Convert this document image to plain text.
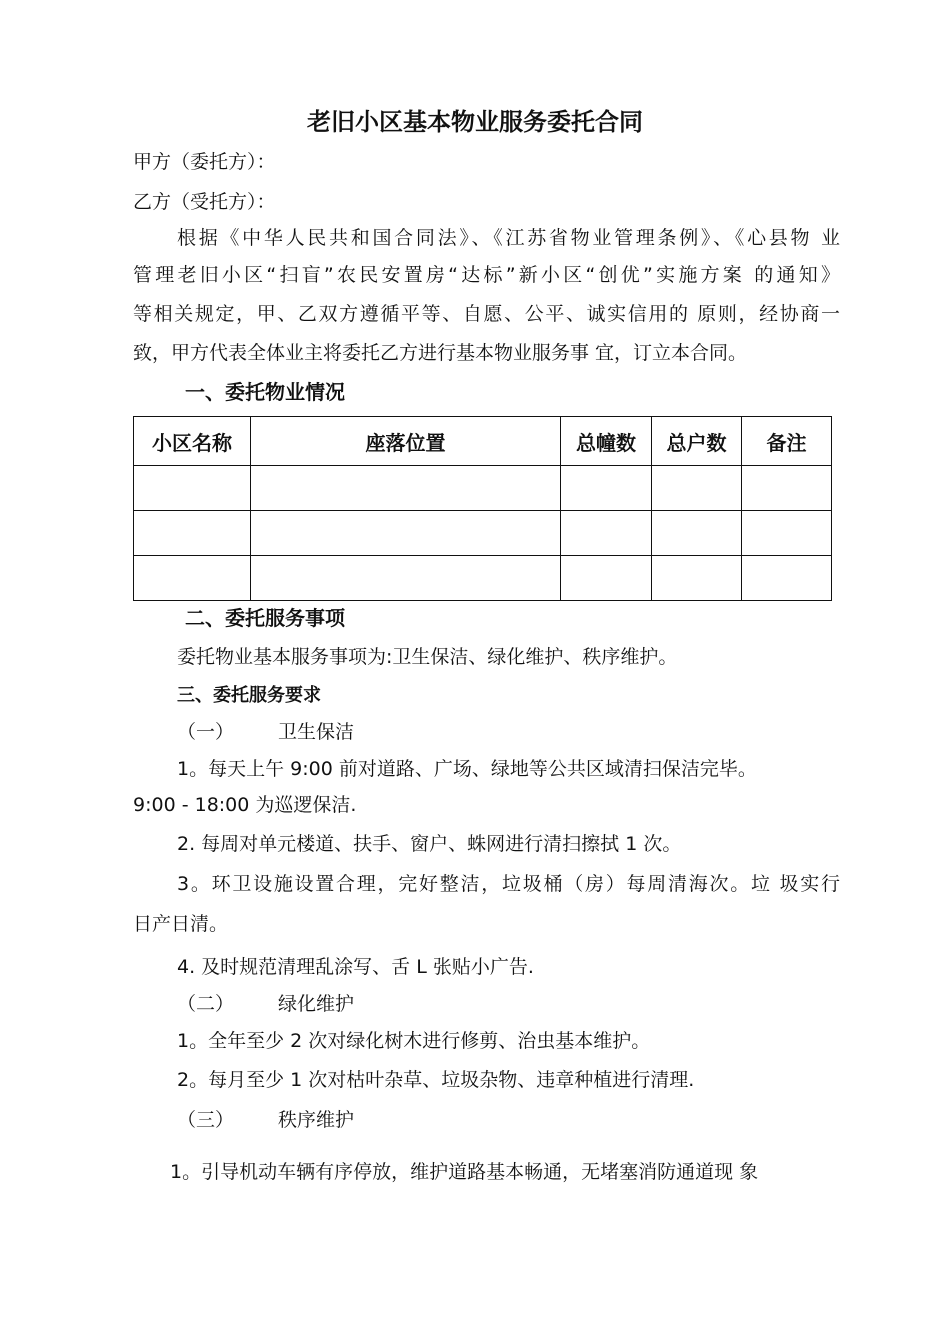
老旧小区基本物业服务委托合同
甲方（委托方）：
乙方（受托方）：
根据《中华人民共和国合同法》、《江苏省物业管理条例》、《心县物 业
管理老旧小区“扫盲”农民安置房“达标”新小区“创优”实施方案 的通知》
等相关规定，甲、乙双方遵循平等、自愿、公平、诚实信用的 原则，经协商一
致，甲方代表全体业主将委托乙方进行基本物业服务事 宜，订立本合同。
一、委托物业情况
小区名称	座落位置	总幢数	总户数	备注

二、委托服务事项
委托物业基本服务事项为:卫生保洁、绿化维护、秩序维护。
三、委托服务要求
（一） 卫生保洁
1。每天上午 9:00 前对道路、广场、绿地等公共区域清扫保洁完毕。
9:00 - 18:00 为巡逻保洁.
2. 每周对单元楼道、扶手、窗户、蛛网进行清扫擦拭 1 次。
3。环卫设施设置合理，完好整洁，垃圾桶（房）每周清海次。垃 圾实行
日产日清。
4. 及时规范清理乱涂写、舌 L 张贴小广告.
（二） 绿化维护
1。全年至少 2 次对绿化树木进行修剪、治虫基本维护。
2。每月至少 1 次对枯叶杂草、垃圾杂物、违章种植进行清理.
（三） 秩序维护
1。引导机动车辆有序停放，维护道路基本畅通，无堵塞消防通道现 象
